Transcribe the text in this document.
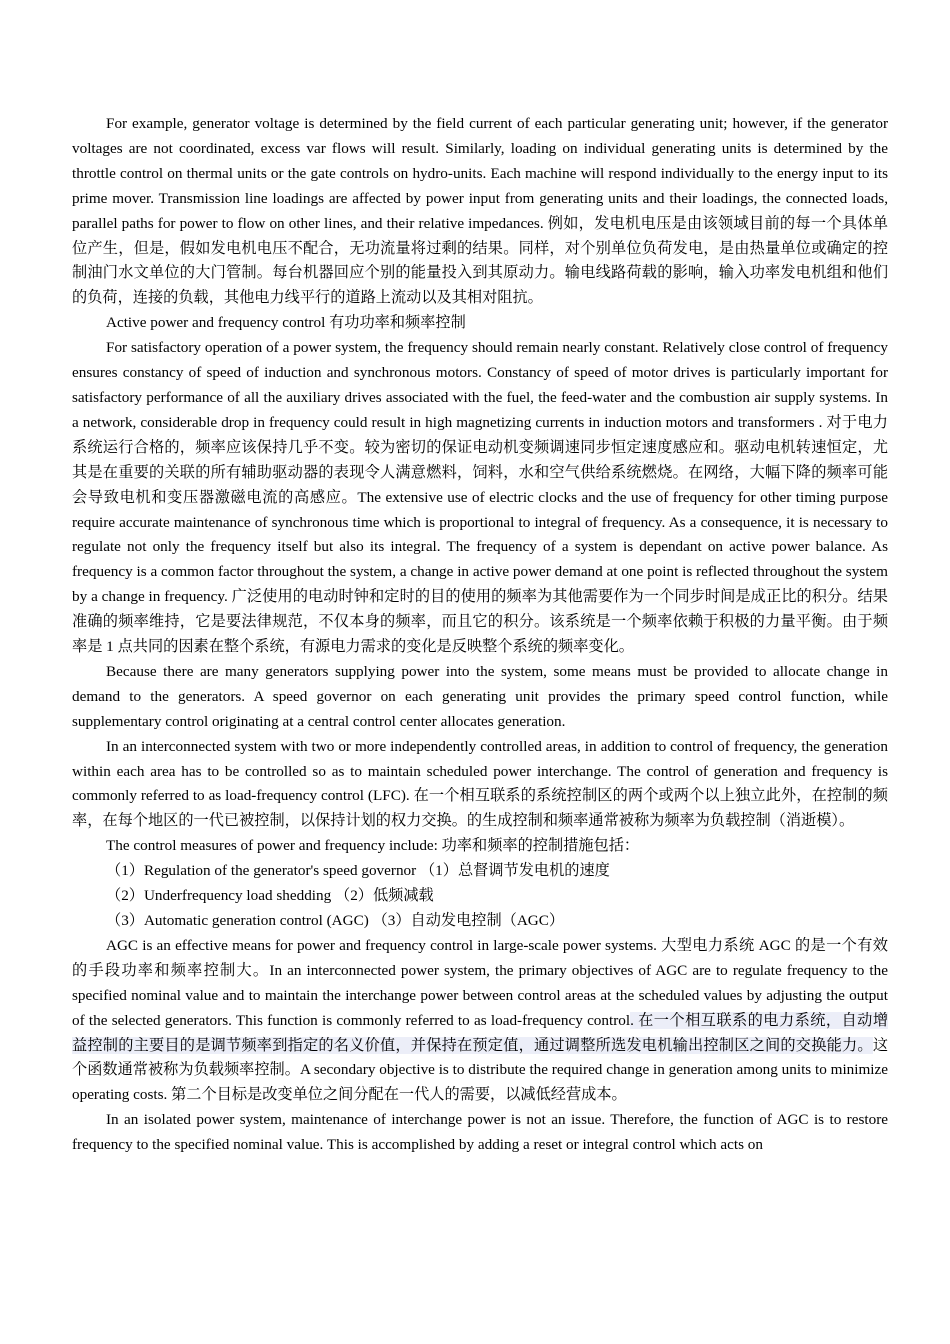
For example, generator voltage is determined by the field current of each particular generating unit; however, if the generator voltages are not coordinated, excess var flows will result. Similarly, loading on individual generating units is determined by the throttle control on thermal units or the gate controls on hydro-units. Each machine will respond individually to the energy input to its prime mover. Transmission line loadings are affected by power input from generating units and their loadings, the connected loads, parallel paths for power to flow on other lines, and their relative impedances. 例如，发电机电压是由该领域目前的每一个具体单位产生，但是，假如发电机电压不配合，无功流量将过剩的结果。同样，对个别单位负荷发电，是由热量单位或确定的控制油门水文单位的大门管制。每台机器回应个别的能量投入到其原动力。输电线路荷载的影响，输入功率发电机组和他们的负荷，连接的负载，其他电力线平行的道路上流动以及其相对阻抗。

Active power and frequency control 有功功率和频率控制

For satisfactory operation of a power system, the frequency should remain nearly constant. Relatively close control of frequency ensures constancy of speed of induction and synchronous motors. Constancy of speed of motor drives is particularly important for satisfactory performance of all the auxiliary drives associated with the fuel, the feed-water and the combustion air supply systems. In a network, considerable drop in frequency could result in high magnetizing currents in induction motors and transformers . 对于电力系统运行合格的，频率应该保持几乎不变。较为密切的保证电动机变频调速同步恒定速度感应和。驱动电机转速恒定，尤其是在重要的关联的所有辅助驱动器的表现令人满意燃料，饲料，水和空气供给系统燃烧。在网络，大幅下降的频率可能会导致电机和变压器激磁电流的高感应。The extensive use of electric clocks and the use of frequency for other timing purpose require accurate maintenance of synchronous time which is proportional to integral of frequency. As a consequence, it is necessary to regulate not only the frequency itself but also its integral. The frequency of a system is dependant on active power balance. As frequency is a common factor throughout the system, a change in active power demand at one point is reflected throughout the system by a change in frequency. 广泛使用的电动时钟和定时的目的使用的频率为其他需要作为一个同步时间是成正比的积分。结果准确的频率维持，它是要法律规范，不仅本身的频率，而且它的积分。该系统是一个频率依赖于积极的力量平衡。由于频率是 1 点共同的因素在整个系统，有源电力需求的变化是反映整个系统的频率变化。

Because there are many generators supplying power into the system, some means must be provided to allocate change in demand to the generators. A speed governor on each generating unit provides the primary speed control function, while supplementary control originating at a central control center allocates generation.

In an interconnected system with two or more independently controlled areas, in addition to control of frequency, the generation within each area has to be controlled so as to maintain scheduled power interchange. The control of generation and frequency is commonly referred to as load-frequency control (LFC). 在一个相互联系的系统控制区的两个或两个以上独立此外，在控制的频率，在每个地区的一代已被控制，以保持计划的权力交换。的生成控制和频率通常被称为频率为负载控制（消逝模）。

The control measures of power and frequency include: 功率和频率的控制措施包括：

（1）Regulation of the generator's speed governor （1）总督调节发电机的速度

（2）Underfrequency load shedding （2）低频减载

（3）Automatic generation control (AGC) （3）自动发电控制（AGC）

AGC is an effective means for power and frequency control in large-scale power systems. 大型电力系统 AGC 的是一个有效的手段功率和频率控制大。In an interconnected power system, the primary objectives of AGC are to regulate frequency to the specified nominal value and to maintain the interchange power between control areas at the scheduled values by adjusting the output of the selected generators. This function is commonly referred to as load-frequency control. 在一个相互联系的电力系统，自动增益控制的主要目的是调节频率到指定的名义价值，并保持在预定值，通过调整所选发电机输出控制区之间的交换能力。这个函数通常被称为负载频率控制。A secondary objective is to distribute the required change in generation among units to minimize operating costs. 第二个目标是改变单位之间分配在一代人的需要，以减低经营成本。

In an isolated power system, maintenance of interchange power is not an issue. Therefore, the function of AGC is to restore frequency to the specified nominal value. This is accomplished by adding a reset or integral control which acts on
